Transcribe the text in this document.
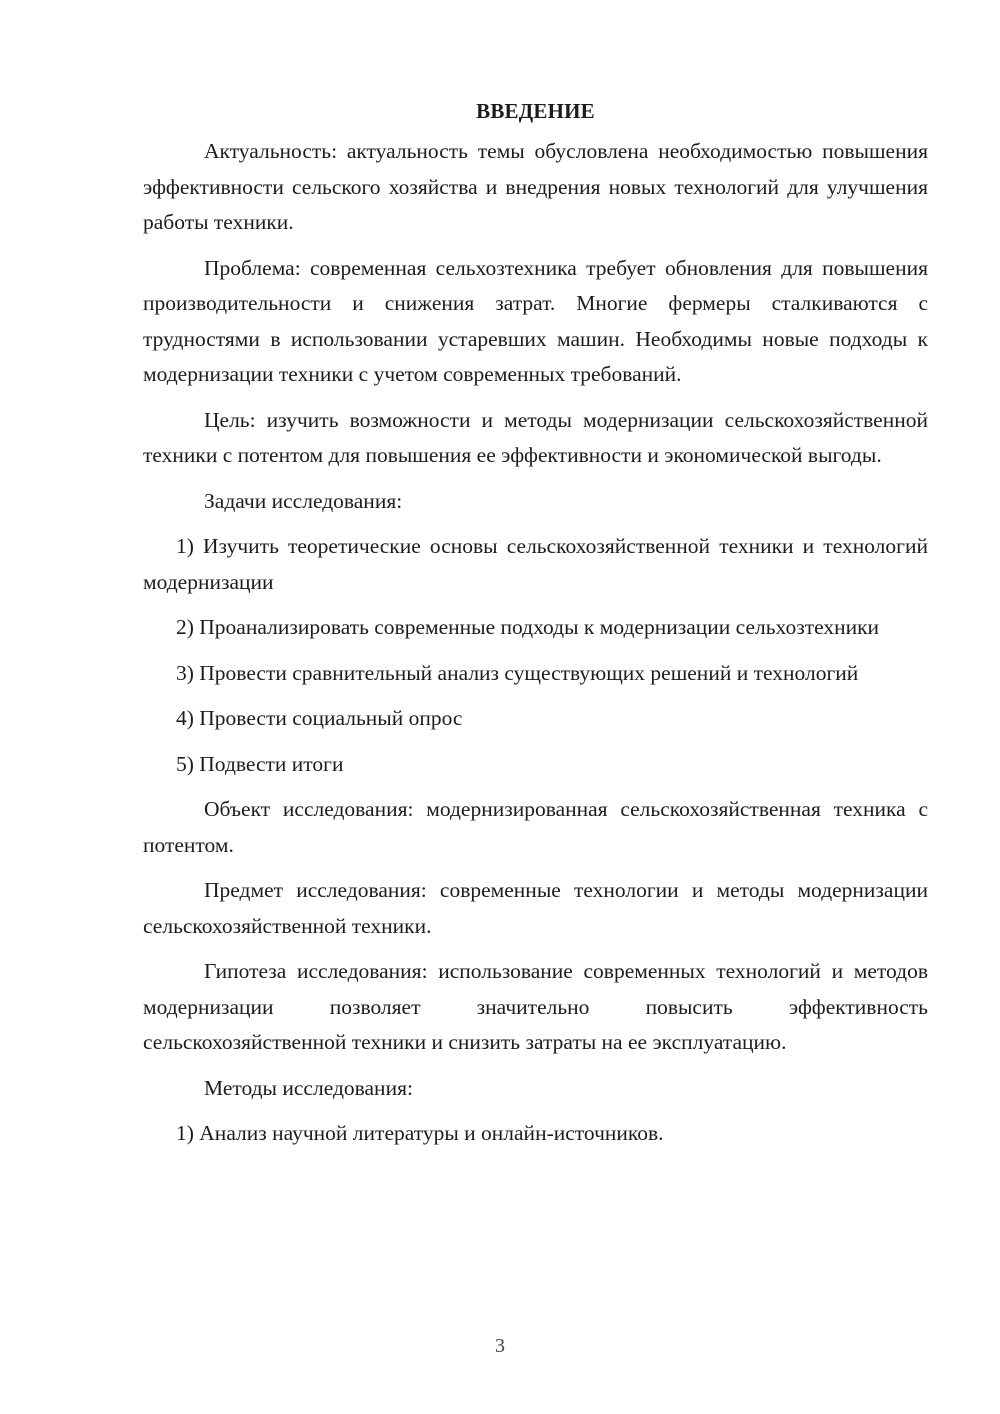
ВВЕДЕНИЕ

Актуальность: актуальность темы обусловлена необходимостью повышения эффективности сельского хозяйства и внедрения новых технологий для улучшения работы техники.

Проблема: современная сельхозтехника требует обновления для повышения производительности и снижения затрат. Многие фермеры сталкиваются с трудностями в использовании устаревших машин. Необходимы новые подходы к модернизации техники с учетом современных требований.

Цель: изучить возможности и методы модернизации сельскохозяйственной техники с потентом для повышения ее эффективности и экономической выгоды.

Задачи исследования:

1) Изучить теоретические основы сельскохозяйственной техники и технологий модернизации

2) Проанализировать современные подходы к модернизации сельхозтехники

3) Провести сравнительный анализ существующих решений и технологий

4) Провести социальный опрос

5) Подвести итоги

Объект исследования: модернизированная сельскохозяйственная техника с потентом.

Предмет исследования: современные технологии и методы модернизации сельскохозяйственной техники.

Гипотеза исследования: использование современных технологий и методов модернизации позволяет значительно повысить эффективность сельскохозяйственной техники и снизить затраты на ее эксплуатацию.

Методы исследования:

1) Анализ научной литературы и онлайн-источников.

3
